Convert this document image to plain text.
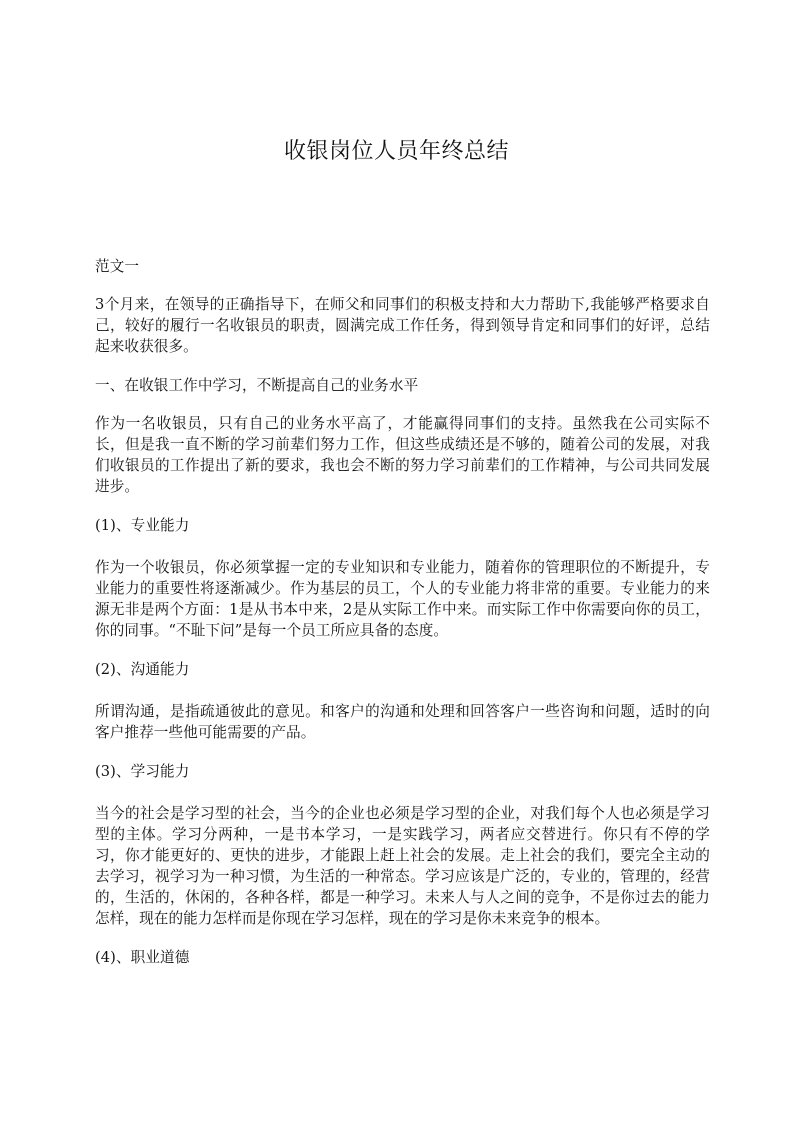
收银岗位人员年终总结

范文一

3个月来，在领导的正确指导下，在师父和同事们的积极支持和大力帮助下,我能够严格要求自己，较好的履行一名收银员的职责，圆满完成工作任务，得到领导肯定和同事们的好评，总结起来收获很多。

一、在收银工作中学习，不断提高自己的业务水平

作为一名收银员，只有自己的业务水平高了，才能赢得同事们的支持。虽然我在公司实际不长，但是我一直不断的学习前辈们努力工作，但这些成绩还是不够的，随着公司的发展，对我们收银员的工作提出了新的要求，我也会不断的努力学习前辈们的工作精神，与公司共同发展进步。

(1)、专业能力

作为一个收银员，你必须掌握一定的专业知识和专业能力，随着你的管理职位的不断提升，专业能力的重要性将逐渐减少。作为基层的员工，个人的专业能力将非常的重要。专业能力的来源无非是两个方面：1是从书本中来，2是从实际工作中来。而实际工作中你需要向你的员工，你的同事。“不耻下问”是每一个员工所应具备的态度。

(2)、沟通能力

所谓沟通，是指疏通彼此的意见。和客户的沟通和处理和回答客户一些咨询和问题，适时的向客户推荐一些他可能需要的产品。

(3)、学习能力

当今的社会是学习型的社会，当今的企业也必须是学习型的企业，对我们每个人也必须是学习型的主体。学习分两种，一是书本学习，一是实践学习，两者应交替进行。你只有不停的学习，你才能更好的、更快的进步，才能跟上赶上社会的发展。走上社会的我们，要完全主动的去学习，视学习为一种习惯，为生活的一种常态。学习应该是广泛的，专业的，管理的，经营的，生活的，休闲的，各种各样，都是一种学习。未来人与人之间的竞争，不是你过去的能力怎样，现在的能力怎样而是你现在学习怎样，现在的学习是你未来竞争的根本。

(4)、职业道德
